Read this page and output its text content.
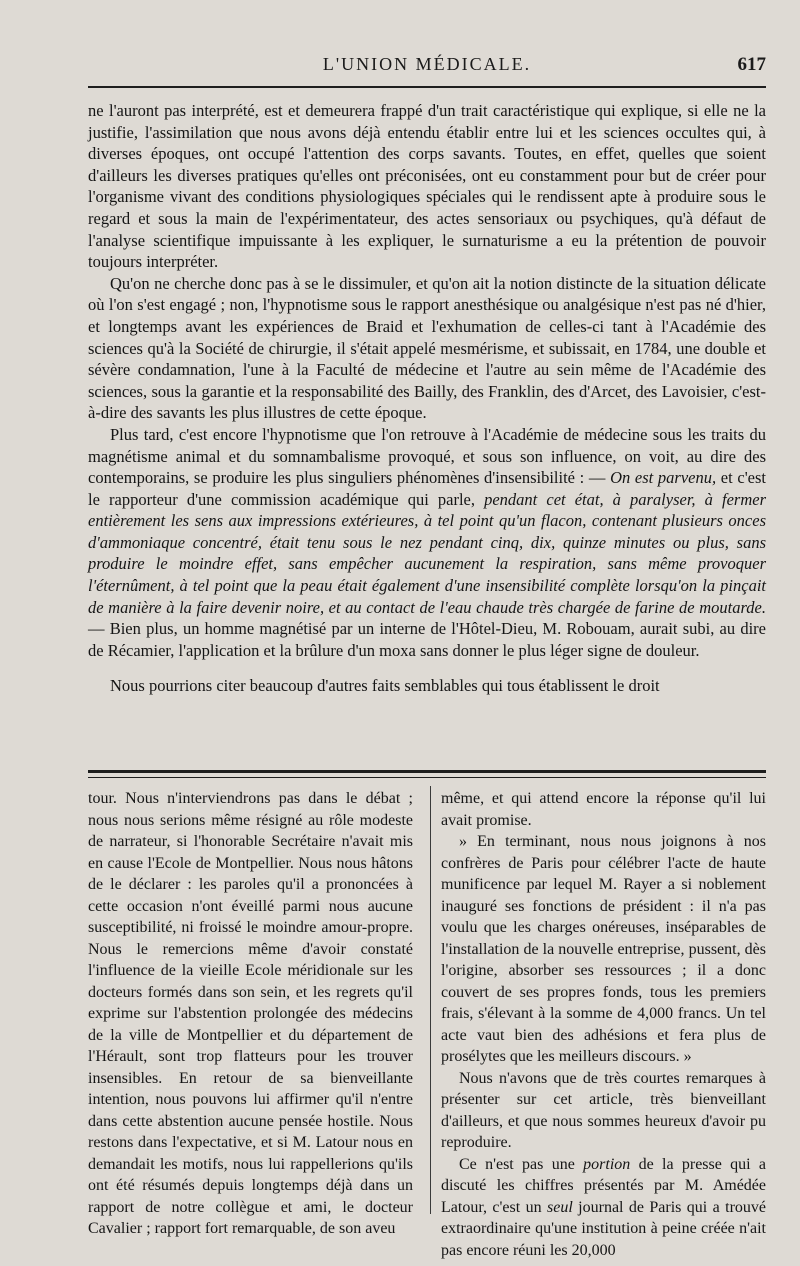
L'UNION MÉDICALE.	617

ne l'auront pas interprété, est et demeurera frappé d'un trait caractéristique qui explique, si elle ne la justifie, l'assimilation que nous avons déjà entendu établir entre lui et les sciences occultes qui, à diverses époques, ont occupé l'attention des corps savants. Toutes, en effet, quelles que soient d'ailleurs les diverses pratiques qu'elles ont préconisées, ont eu constamment pour but de créer pour l'organisme vivant des conditions physiologiques spéciales qui le rendissent apte à produire sous le regard et sous la main de l'expérimentateur, des actes sensoriaux ou psychiques, qu'à défaut de l'analyse scientifique impuissante à les expliquer, le surnaturisme a eu la prétention de pouvoir toujours interpréter.

Qu'on ne cherche donc pas à se le dissimuler, et qu'on ait la notion distincte de la situation délicate où l'on s'est engagé ; non, l'hypnotisme sous le rapport anesthésique ou analgésique n'est pas né d'hier, et longtemps avant les expériences de Braid et l'exhumation de celles-ci tant à l'Académie des sciences qu'à la Société de chirurgie, il s'était appelé mesmérisme, et subissait, en 1784, une double et sévère condamnation, l'une à la Faculté de médecine et l'autre au sein même de l'Académie des sciences, sous la garantie et la responsabilité des Bailly, des Franklin, des d'Arcet, des Lavoisier, c'est-à-dire des savants les plus illustres de cette époque.

Plus tard, c'est encore l'hypnotisme que l'on retrouve à l'Académie de médecine sous les traits du magnétisme animal et du somnambalisme provoqué, et sous son influence, on voit, au dire des contemporains, se produire les plus singuliers phénomènes d'insensibilité : — On est parvenu, et c'est le rapporteur d'une commission académique qui parle, pendant cet état, à paralyser, à fermer entièrement les sens aux impressions extérieures, à tel point qu'un flacon, contenant plusieurs onces d'ammoniaque concentré, était tenu sous le nez pendant cinq, dix, quinze minutes ou plus, sans produire le moindre effet, sans empêcher aucunement la respiration, sans même provoquer l'éternûment, à tel point que la peau était également d'une insensibilité complète lorsqu'on la pinçait de manière à la faire devenir noire, et au contact de l'eau chaude très chargée de farine de moutarde. — Bien plus, un homme magnétisé par un interne de l'Hôtel-Dieu, M. Robouam, aurait subi, au dire de Récamier, l'application et la brûlure d'un moxa sans donner le plus léger signe de douleur.

Nous pourrions citer beaucoup d'autres faits semblables qui tous établissent le droit

tour. Nous n'interviendrons pas dans le débat ; nous nous serions même résigné au rôle modeste de narrateur, si l'honorable Secrétaire n'avait mis en cause l'Ecole de Montpellier. Nous nous hâtons de le déclarer : les paroles qu'il a prononcées à cette occasion n'ont éveillé parmi nous aucune susceptibilité, ni froissé le moindre amour-propre. Nous le remercions même d'avoir constaté l'influence de la vieille Ecole méridionale sur les docteurs formés dans son sein, et les regrets qu'il exprime sur l'abstention prolongée des médecins de la ville de Montpellier et du département de l'Hérault, sont trop flatteurs pour les trouver insensibles. En retour de sa bienveillante intention, nous pouvons lui affirmer qu'il n'entre dans cette abstention aucune pensée hostile. Nous restons dans l'expectative, et si M. Latour nous en demandait les motifs, nous lui rappellerions qu'ils ont été résumés depuis longtemps déjà dans un rapport de notre collègue et ami, le docteur Cavalier ; rapport fort remarquable, de son aveu

même, et qui attend encore la réponse qu'il lui avait promise.

» En terminant, nous nous joignons à nos confrères de Paris pour célébrer l'acte de haute munificence par lequel M. Rayer a si noblement inauguré ses fonctions de président : il n'a pas voulu que les charges onéreuses, inséparables de l'installation de la nouvelle entreprise, pussent, dès l'origine, absorber ses ressources ; il a donc couvert de ses propres fonds, tous les premiers frais, s'élevant à la somme de 4,000 francs. Un tel acte vaut bien des adhésions et fera plus de prosélytes que les meilleurs discours. »

Nous n'avons que de très courtes remarques à présenter sur cet article, très bienveillant d'ailleurs, et que nous sommes heureux d'avoir pu reproduire.

Ce n'est pas une portion de la presse qui a discuté les chiffres présentés par M. Amédée Latour, c'est un seul journal de Paris qui a trouvé extraordinaire qu'une institution à peine créée n'ait pas encore réuni les 20,000
